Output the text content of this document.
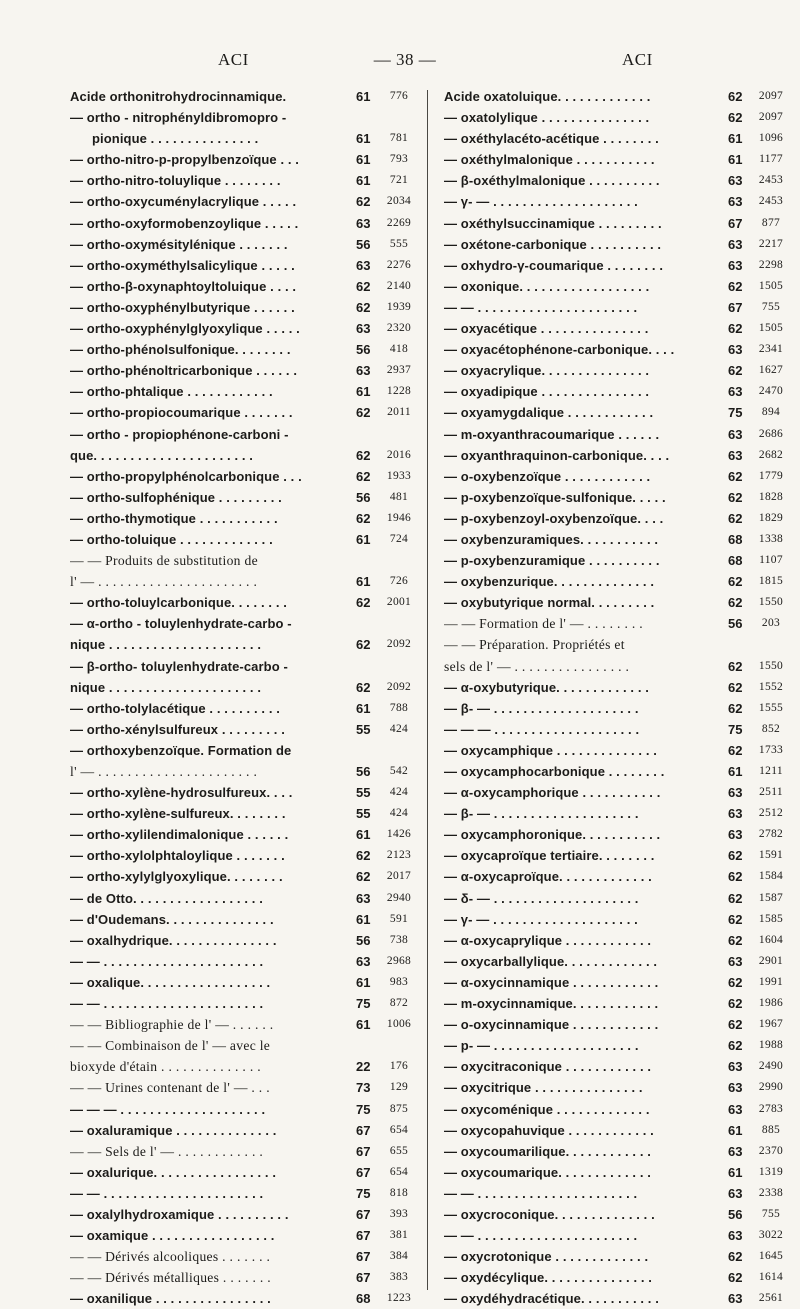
ACI	— 38 —	ACI
Acide orthonitrohydrocinnamique.	61	776
— ortho - nitrophényldibromopro -
pionique . . . . . . . . . . . . . . .	61	781
— ortho-nitro-p-propylbenzoïque . . .	61	793
— ortho-nitro-toluylique . . . . . . . .	61	721
— ortho-oxycuménylacrylique . . . . .	62	2034
— ortho-oxyformobenzoylique . . . . .	63	2269
— ortho-oxymésitylénique . . . . . . .	56	555
— ortho-oxyméthylsalicylique . . . . .	63	2276
— ortho-β-oxynaphtoyltoluique . . . .	62	2140
— ortho-oxyphénylbutyrique . . . . . .	62	1939
— ortho-oxyphénylglyoxylique . . . . .	63	2320
— ortho-phénolsulfonique. . . . . . . .	56	418
— ortho-phénoltricarbonique . . . . . .	63	2937
— ortho-phtalique . . . . . . . . . . . .	61	1228
— ortho-propiocoumarique . . . . . . .	62	2011
— ortho - propiophénone-carboni -
que. . . . . . . . . . . . . . . . . . . . . .	62	2016
— ortho-propylphénolcarbonique . . .	62	1933
— ortho-sulfophénique . . . . . . . . .	56	481
— ortho-thymotique . . . . . . . . . . .	62	1946
— ortho-toluique . . . . . . . . . . . . .	61	724
— — Produits de substitution de
l' — . . . . . . . . . . . . . . . . . . . . . .	61	726
— ortho-toluylcarbonique. . . . . . . .	62	2001
— α-ortho - toluylenhydrate-carbo -
nique . . . . . . . . . . . . . . . . . . . . .	62	2092
— β-ortho- toluylenhydrate-carbo -
nique . . . . . . . . . . . . . . . . . . . . .	62	2092
— ortho-tolylacétique . . . . . . . . . .	61	788
— ortho-xénylsulfureux . . . . . . . . .	55	424
— orthoxybenzoïque. Formation de
l' — . . . . . . . . . . . . . . . . . . . . . .	56	542
— ortho-xylène-hydrosulfureux. . . .	55	424
— ortho-xylène-sulfureux. . . . . . . .	55	424
— ortho-xylilendimalonique . . . . . .	61	1426
— ortho-xylolphtaloylique . . . . . . .	62	2123
— ortho-xylylglyoxylique. . . . . . . .	62	2017
— de Otto. . . . . . . . . . . . . . . . . .	63	2940
— d'Oudemans. . . . . . . . . . . . . . .	61	591
— oxalhydrique. . . . . . . . . . . . . . .	56	738
— — . . . . . . . . . . . . . . . . . . . . . .	63	2968
— oxalique. . . . . . . . . . . . . . . . . .	61	983
— — . . . . . . . . . . . . . . . . . . . . . .	75	872
— — Bibliographie de l' — . . . . . .	61	1006
— — Combinaison de l' — avec le
bioxyde d'étain . . . . . . . . . . . . . .	22	176
— — Urines contenant de l' — . . .	73	129
— — — . . . . . . . . . . . . . . . . . . . .	75	875
— oxaluramique . . . . . . . . . . . . . .	67	654
— — Sels de l' — . . . . . . . . . . . .	67	655
— oxalurique. . . . . . . . . . . . . . . . .	67	654
— — . . . . . . . . . . . . . . . . . . . . . .	75	818
— oxalylhydroxamique . . . . . . . . . .	67	393
— oxamique . . . . . . . . . . . . . . . . .	67	381
— — Dérivés alcooliques . . . . . . .	67	384
— — Dérivés métalliques . . . . . . .	67	383
— oxanilique . . . . . . . . . . . . . . . .	68	1223
Acide oxatoluique. . . . . . . . . . . . .	62	2097
— oxatolylique . . . . . . . . . . . . . . .	62	2097
— oxéthylacéto-acétique . . . . . . . .	61	1096
— oxéthylmalonique . . . . . . . . . . .	61	1177
— β-oxéthylmalonique . . . . . . . . . .	63	2453
— γ- — . . . . . . . . . . . . . . . . . . . .	63	2453
— oxéthylsuccinamique . . . . . . . . .	67	877
— oxétone-carbonique . . . . . . . . . .	63	2217
— oxhydro-γ-coumarique . . . . . . . .	63	2298
— oxonique. . . . . . . . . . . . . . . . . .	62	1505
— — . . . . . . . . . . . . . . . . . . . . . .	67	755
— oxyacétique . . . . . . . . . . . . . . .	62	1505
— oxyacétophénone-carbonique. . . .	63	2341
— oxyacrylique. . . . . . . . . . . . . . .	62	1627
— oxyadipique . . . . . . . . . . . . . . .	63	2470
— oxyamygdalique . . . . . . . . . . . .	75	894
— m-oxyanthracoumarique . . . . . .	63	2686
— oxyanthraquinon-carbonique. . . .	63	2682
— o-oxybenzoïque . . . . . . . . . . . .	62	1779
— p-oxybenzoïque-sulfonique. . . . .	62	1828
— p-oxybenzoyl-oxybenzoïque. . . .	62	1829
— oxybenzuramiques. . . . . . . . . . .	68	1338
— p-oxybenzuramique . . . . . . . . . .	68	1107
— oxybenzurique. . . . . . . . . . . . . .	62	1815
— oxybutyrique normal. . . . . . . . .	62	1550
— — Formation de l' — . . . . . . . .	56	203
— — Préparation. Propriétés et
sels de l' — . . . . . . . . . . . . . . . .	62	1550
— α-oxybutyrique. . . . . . . . . . . . .	62	1552
— β- — . . . . . . . . . . . . . . . . . . . .	62	1555
— — — . . . . . . . . . . . . . . . . . . . .	75	852
— oxycamphique . . . . . . . . . . . . . .	62	1733
— oxycamphocarbonique . . . . . . . .	61	1211
— α-oxycamphorique . . . . . . . . . . .	63	2511
— β- — . . . . . . . . . . . . . . . . . . . .	63	2512
— oxycamphoronique. . . . . . . . . . .	63	2782
— oxycaproïque tertiaire. . . . . . . .	62	1591
— α-oxycaproïque. . . . . . . . . . . . .	62	1584
— δ- — . . . . . . . . . . . . . . . . . . . .	62	1587
— γ- — . . . . . . . . . . . . . . . . . . . .	62	1585
— α-oxycaprylique . . . . . . . . . . . .	62	1604
— oxycarballylique. . . . . . . . . . . . .	63	2901
— α-oxycinnamique . . . . . . . . . . . .	62	1991
— m-oxycinnamique. . . . . . . . . . . .	62	1986
— o-oxycinnamique . . . . . . . . . . . .	62	1967
— p- — . . . . . . . . . . . . . . . . . . . .	62	1988
— oxycitraconique . . . . . . . . . . . .	63	2490
— oxycitrique . . . . . . . . . . . . . . .	63	2990
— oxycoménique . . . . . . . . . . . . .	63	2783
— oxycopahuvique . . . . . . . . . . . .	61	885
— oxycoumarilique. . . . . . . . . . . .	63	2370
— oxycoumarique. . . . . . . . . . . . .	61	1319
— — . . . . . . . . . . . . . . . . . . . . . .	63	2338
— oxycroconique. . . . . . . . . . . . . .	56	755
— — . . . . . . . . . . . . . . . . . . . . . .	63	3022
— oxycrotonique . . . . . . . . . . . . .	62	1645
— oxydécylique. . . . . . . . . . . . . . .	62	1614
— oxydéhydracétique. . . . . . . . . . .	63	2561
